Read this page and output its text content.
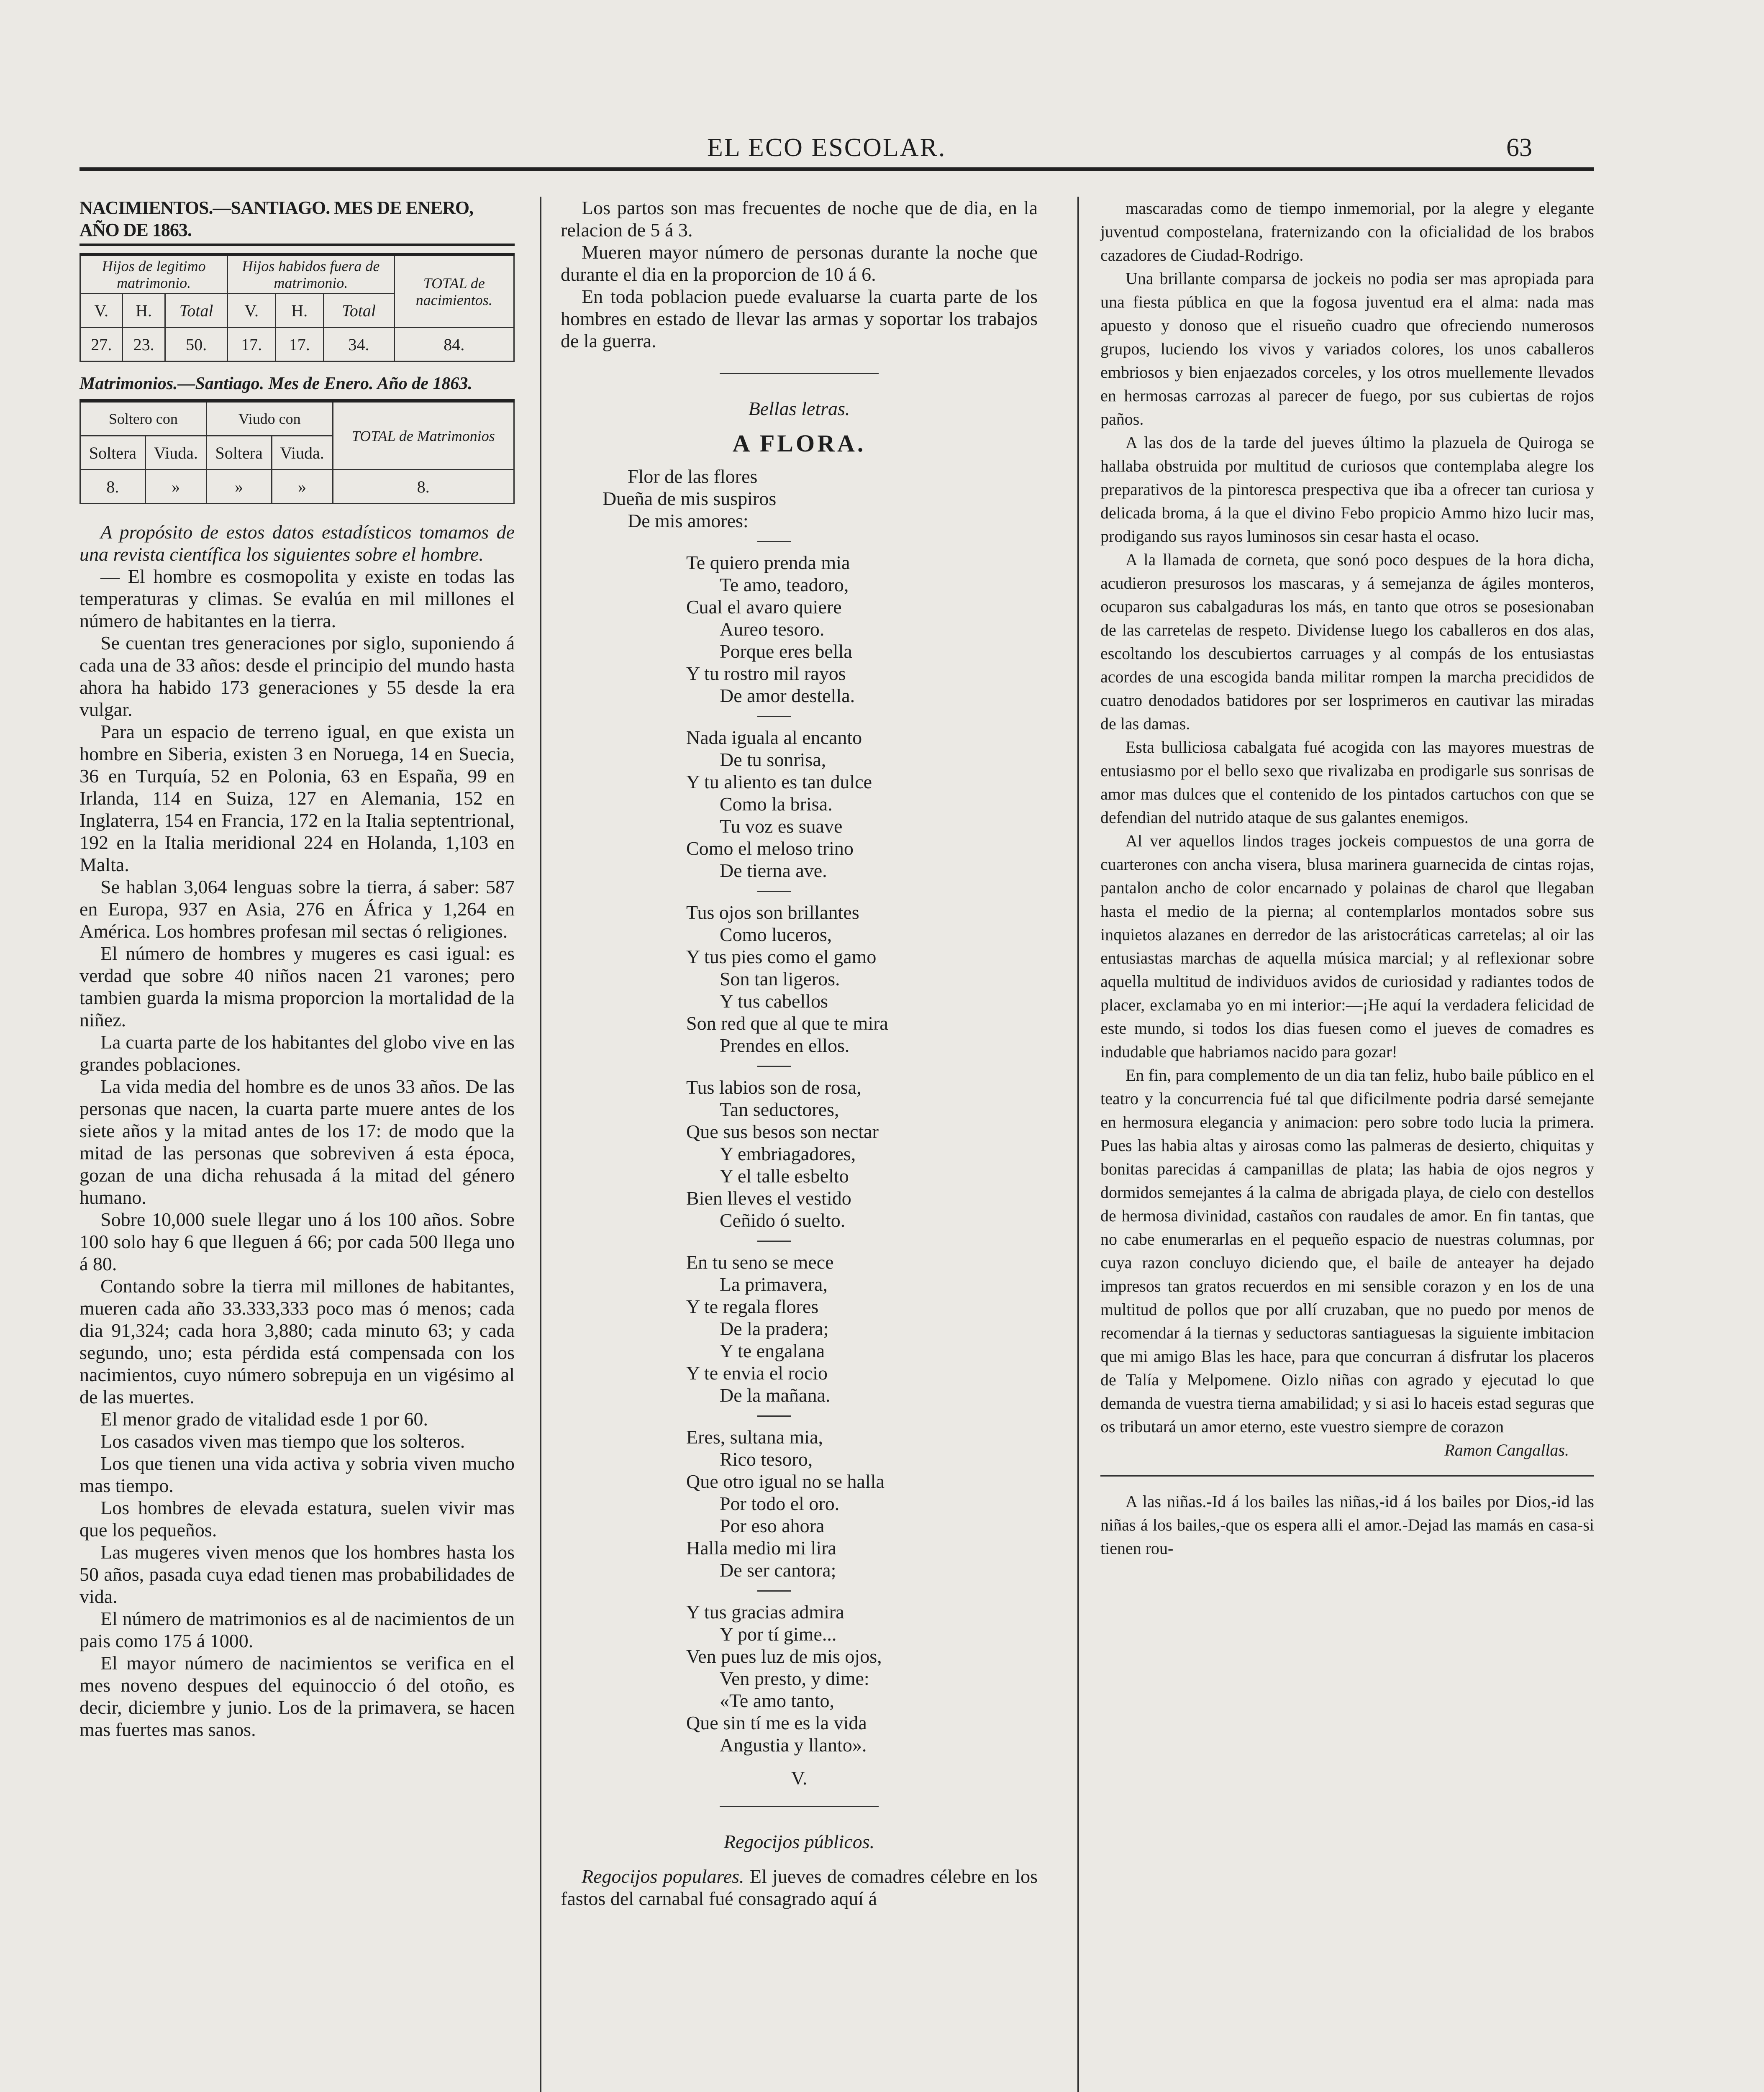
EL ECO ESCOLAR.	63
NACIMIENTOS.—SANTIAGO. MES DE ENERO, AÑO DE 1863.
Hijos de legitimo matrimonio.			Hijos habidos fuera de matrimonio.			TOTAL de nacimientos.
V.	H.	Total	V.	H.	Total	
27.	23.	50.	17.	17.	34.	84.
Matrimonios.—Santiago. Mes de Enero. Año de 1863.
Soltero con		Viudo con		TOTAL de Matrimonios
Soltera	Viuda.	Soltera	Viuda.	
8.	»	»	»	8.

A propósito de estos datos estadísticos tomamos de una revista científica los siguientes sobre el hombre.

— El hombre es cosmopolita y existe en todas las temperaturas y climas. Se evalúa en mil millones el número de habitantes en la tierra.

Se cuentan tres generaciones por siglo, suponiendo á cada una de 33 años: desde el principio del mundo hasta ahora ha habido 173 generaciones y 55 desde la era vulgar.

Para un espacio de terreno igual, en que exista un hombre en Siberia, existen 3 en Noruega, 14 en Suecia, 36 en Turquía, 52 en Polonia, 63 en España, 99 en Irlanda, 114 en Suiza, 127 en Alemania, 152 en Inglaterra, 154 en Francia, 172 en la Italia septentrional, 192 en la Italia meridional 224 en Holanda, 1,103 en Malta.

Se hablan 3,064 lenguas sobre la tierra, á saber: 587 en Europa, 937 en Asia, 276 en África y 1,264 en América. Los hombres profesan mil sectas ó religiones.

El número de hombres y mugeres es casi igual: es verdad que sobre 40 niños nacen 21 varones; pero tambien guarda la misma proporcion la mortalidad de la niñez.

La cuarta parte de los habitantes del globo vive en las grandes poblaciones.

La vida media del hombre es de unos 33 años. De las personas que nacen, la cuarta parte muere antes de los siete años y la mitad antes de los 17: de modo que la mitad de las personas que sobreviven á esta época, gozan de una dicha rehusada á la mitad del género humano.

Sobre 10,000 suele llegar uno á los 100 años. Sobre 100 solo hay 6 que lleguen á 66; por cada 500 llega uno á 80.

Contando sobre la tierra mil millones de habitantes, mueren cada año 33.333,333 poco mas ó menos; cada dia 91,324; cada hora 3,880; cada minuto 63; y cada segundo, uno; esta pérdida está compensada con los nacimientos, cuyo número sobrepuja en un vigésimo al de las muertes.

El menor grado de vitalidad esde 1 por 60.

Los casados viven mas tiempo que los solteros.

Los que tienen una vida activa y sobria viven mucho mas tiempo.

Los hombres de elevada estatura, suelen vivir mas que los pequeños.

Las mugeres viven menos que los hombres hasta los 50 años, pasada cuya edad tienen mas probabilidades de vida.

El número de matrimonios es al de nacimientos de un pais como 175 á 1000.

El mayor número de nacimientos se verifica en el mes noveno despues del equinoccio ó del otoño, es decir, diciembre y junio. Los de la primavera, se hacen mas fuertes mas sanos.

Los partos son mas frecuentes de noche que de dia, en la relacion de 5 á 3.

Mueren mayor número de personas durante la noche que durante el dia en la proporcion de 10 á 6.

En toda poblacion puede evaluarse la cuarta parte de los hombres en estado de llevar las armas y soportar los trabajos de la guerra.

Bellas letras.
A FLORA.
Flor de las flores
Dueña de mis suspiros
De mis amores:
Te quiero prenda mia
Te amo, teadoro,
Cual el avaro quiere
Aureo tesoro.
Porque eres bella
Y tu rostro mil rayos
De amor destella.
Nada iguala al encanto
De tu sonrisa,
Y tu aliento es tan dulce
Como la brisa.
Tu voz es suave
Como el meloso trino
De tierna ave.
Tus ojos son brillantes
Como luceros,
Y tus pies como el gamo
Son tan ligeros.
Y tus cabellos
Son red que al que te mira
Prendes en ellos.
Tus labios son de rosa,
Tan seductores,
Que sus besos son nectar
Y embriagadores,
Y el talle esbelto
Bien lleves el vestido
Ceñido ó suelto.
En tu seno se mece
La primavera,
Y te regala flores
De la pradera;
Y te engalana
Y te envia el rocio
De la mañana.
Eres, sultana mia,
Rico tesoro,
Que otro igual no se halla
Por todo el oro.
Por eso ahora
Halla medio mi lira
De ser cantora;
Y tus gracias admira
Y por tí gime...
Ven pues luz de mis ojos,
Ven presto, y dime:
«Te amo tanto,
Que sin tí me es la vida
Angustia y llanto».
V.
Regocijos públicos.

Regocijos populares. El jueves de comadres célebre en los fastos del carnabal fué consagrado aquí á

mascaradas como de tiempo inmemorial, por la alegre y elegante juventud compostelana, fraternizando con la oficialidad de los brabos cazadores de Ciudad-Rodrigo.

Una brillante comparsa de jockeis no podia ser mas apropiada para una fiesta pública en que la fogosa juventud era el alma: nada mas apuesto y donoso que el risueño cuadro que ofreciendo numerosos grupos, luciendo los vivos y variados colores, los unos caballeros embriosos y bien enjaezados corceles, y los otros muellemente llevados en hermosas carrozas al parecer de fuego, por sus cubiertas de rojos paños.

A las dos de la tarde del jueves último la plazuela de Quiroga se hallaba obstruida por multitud de curiosos que contemplaba alegre los preparativos de la pintoresca prespectiva que iba a ofrecer tan curiosa y delicada broma, á la que el divino Febo propicio Ammo hizo lucir mas, prodigando sus rayos luminosos sin cesar hasta el ocaso.

A la llamada de corneta, que sonó poco despues de la hora dicha, acudieron presurosos los mascaras, y á semejanza de ágiles monteros, ocuparon sus cabalgaduras los más, en tanto que otros se posesionaban de las carretelas de respeto. Dividense luego los caballeros en dos alas, escoltando los descubiertos carruages y al compás de los entusiastas acordes de una escogida banda militar rompen la marcha precididos de cuatro denodados batidores por ser losprimeros en cautivar las miradas de las damas.

Esta bulliciosa cabalgata fué acogida con las mayores muestras de entusiasmo por el bello sexo que rivalizaba en prodigarle sus sonrisas de amor mas dulces que el contenido de los pintados cartuchos con que se defendian del nutrido ataque de sus galantes enemigos.

Al ver aquellos lindos trages jockeis compuestos de una gorra de cuarterones con ancha visera, blusa marinera guarnecida de cintas rojas, pantalon ancho de color encarnado y polainas de charol que llegaban hasta el medio de la pierna; al contemplarlos montados sobre sus inquietos alazanes en derredor de las aristocráticas carretelas; al oir las entusiastas marchas de aquella música marcial; y al reflexionar sobre aquella multitud de individuos avidos de curiosidad y radiantes todos de placer, exclamaba yo en mi interior:—¡He aquí la verdadera felicidad de este mundo, si todos los dias fuesen como el jueves de comadres es indudable que habriamos nacido para gozar!

En fin, para complemento de un dia tan feliz, hubo baile público en el teatro y la concurrencia fué tal que dificilmente podria darsé semejante en hermosura elegancia y animacion: pero sobre todo lucia la primera. Pues las habia altas y airosas como las palmeras de desierto, chiquitas y bonitas parecidas á campanillas de plata; las habia de ojos negros y dormidos semejantes á la calma de abrigada playa, de cielo con destellos de hermosa divinidad, castaños con raudales de amor. En fin tantas, que no cabe enumerarlas en el pequeño espacio de nuestras columnas, por cuya razon concluyo diciendo que, el baile de anteayer ha dejado impresos tan gratos recuerdos en mi sensible corazon y en los de una multitud de pollos que por allí cruzaban, que no puedo por menos de recomendar á la tiernas y seductoras santiaguesas la siguiente imbitacion que mi amigo Blas les hace, para que concurran á disfrutar los placeros de Talía y Melpomene. Oizlo niñas con agrado y ejecutad lo que demanda de vuestra tierna amabilidad; y si asi lo haceis estad seguras que os tributará un amor eterno, este vuestro siempre de corazon

Ramon Cangallas.

A las niñas.-Id á los bailes las niñas,-id á los bailes por Dios,-id las niñas á los bailes,-que os espera alli el amor.-Dejad las mamás en casa-si tienen rou-
